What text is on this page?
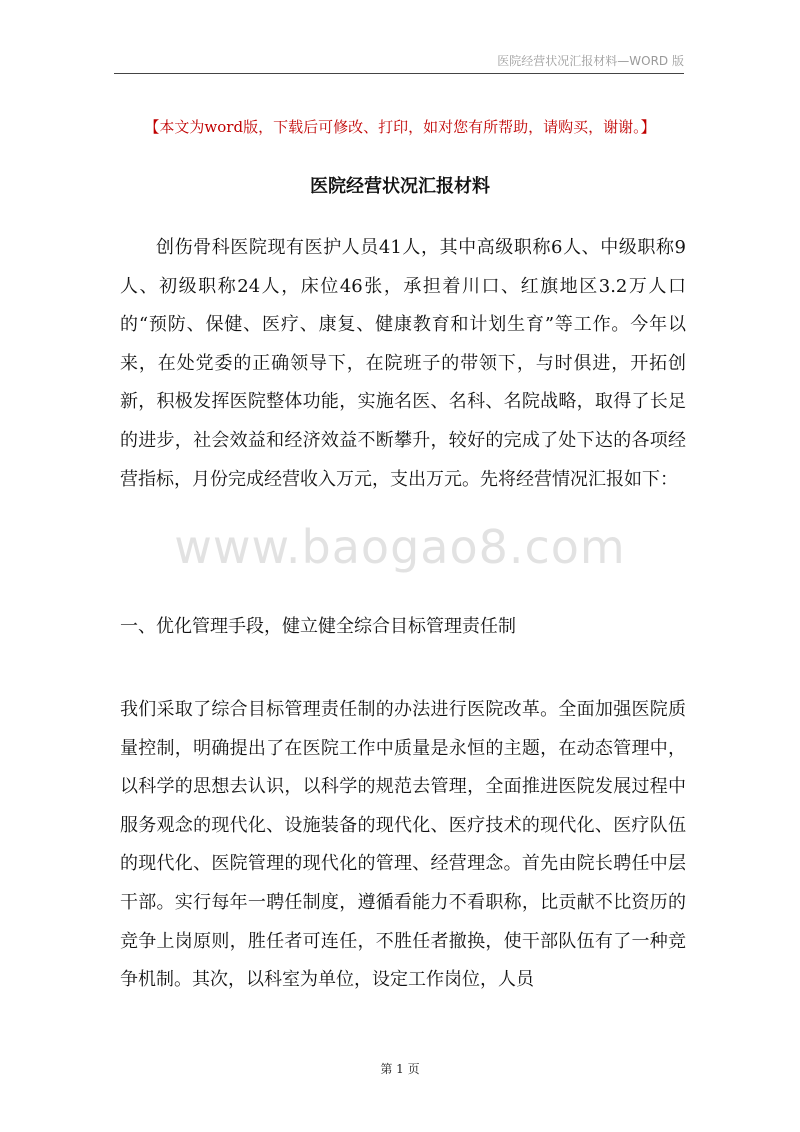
医院经营状况汇报材料—WORD 版
【本文为word版，下载后可修改、打印，如对您有所帮助，请购买，谢谢。】
医院经营状况汇报材料
创伤骨科医院现有医护人员41人，其中高级职称6人、中级职称9人、初级职称24人，床位46张，承担着川口、红旗地区3.2万人口的“预防、保健、医疗、康复、健康教育和计划生育”等工作。今年以来，在处党委的正确领导下，在院班子的带领下，与时俱进，开拓创新，积极发挥医院整体功能，实施名医、名科、名院战略，取得了长足的进步，社会效益和经济效益不断攀升，较好的完成了处下达的各项经营指标，月份完成经营收入万元，支出万元。先将经营情况汇报如下：
www.baogao8.com
一、优化管理手段，健立健全综合目标管理责任制
我们采取了综合目标管理责任制的办法进行医院改革。全面加强医院质量控制，明确提出了在医院工作中质量是永恒的主题，在动态管理中，以科学的思想去认识，以科学的规范去管理，全面推进医院发展过程中服务观念的现代化、设施装备的现代化、医疗技术的现代化、医疗队伍的现代化、医院管理的现代化的管理、经营理念。首先由院长聘任中层干部。实行每年一聘任制度，遵循看能力不看职称，比贡献不比资历的竞争上岗原则，胜任者可连任，不胜任者撤换，使干部队伍有了一种竞争机制。其次，以科室为单位，设定工作岗位，人员
第 1 页
